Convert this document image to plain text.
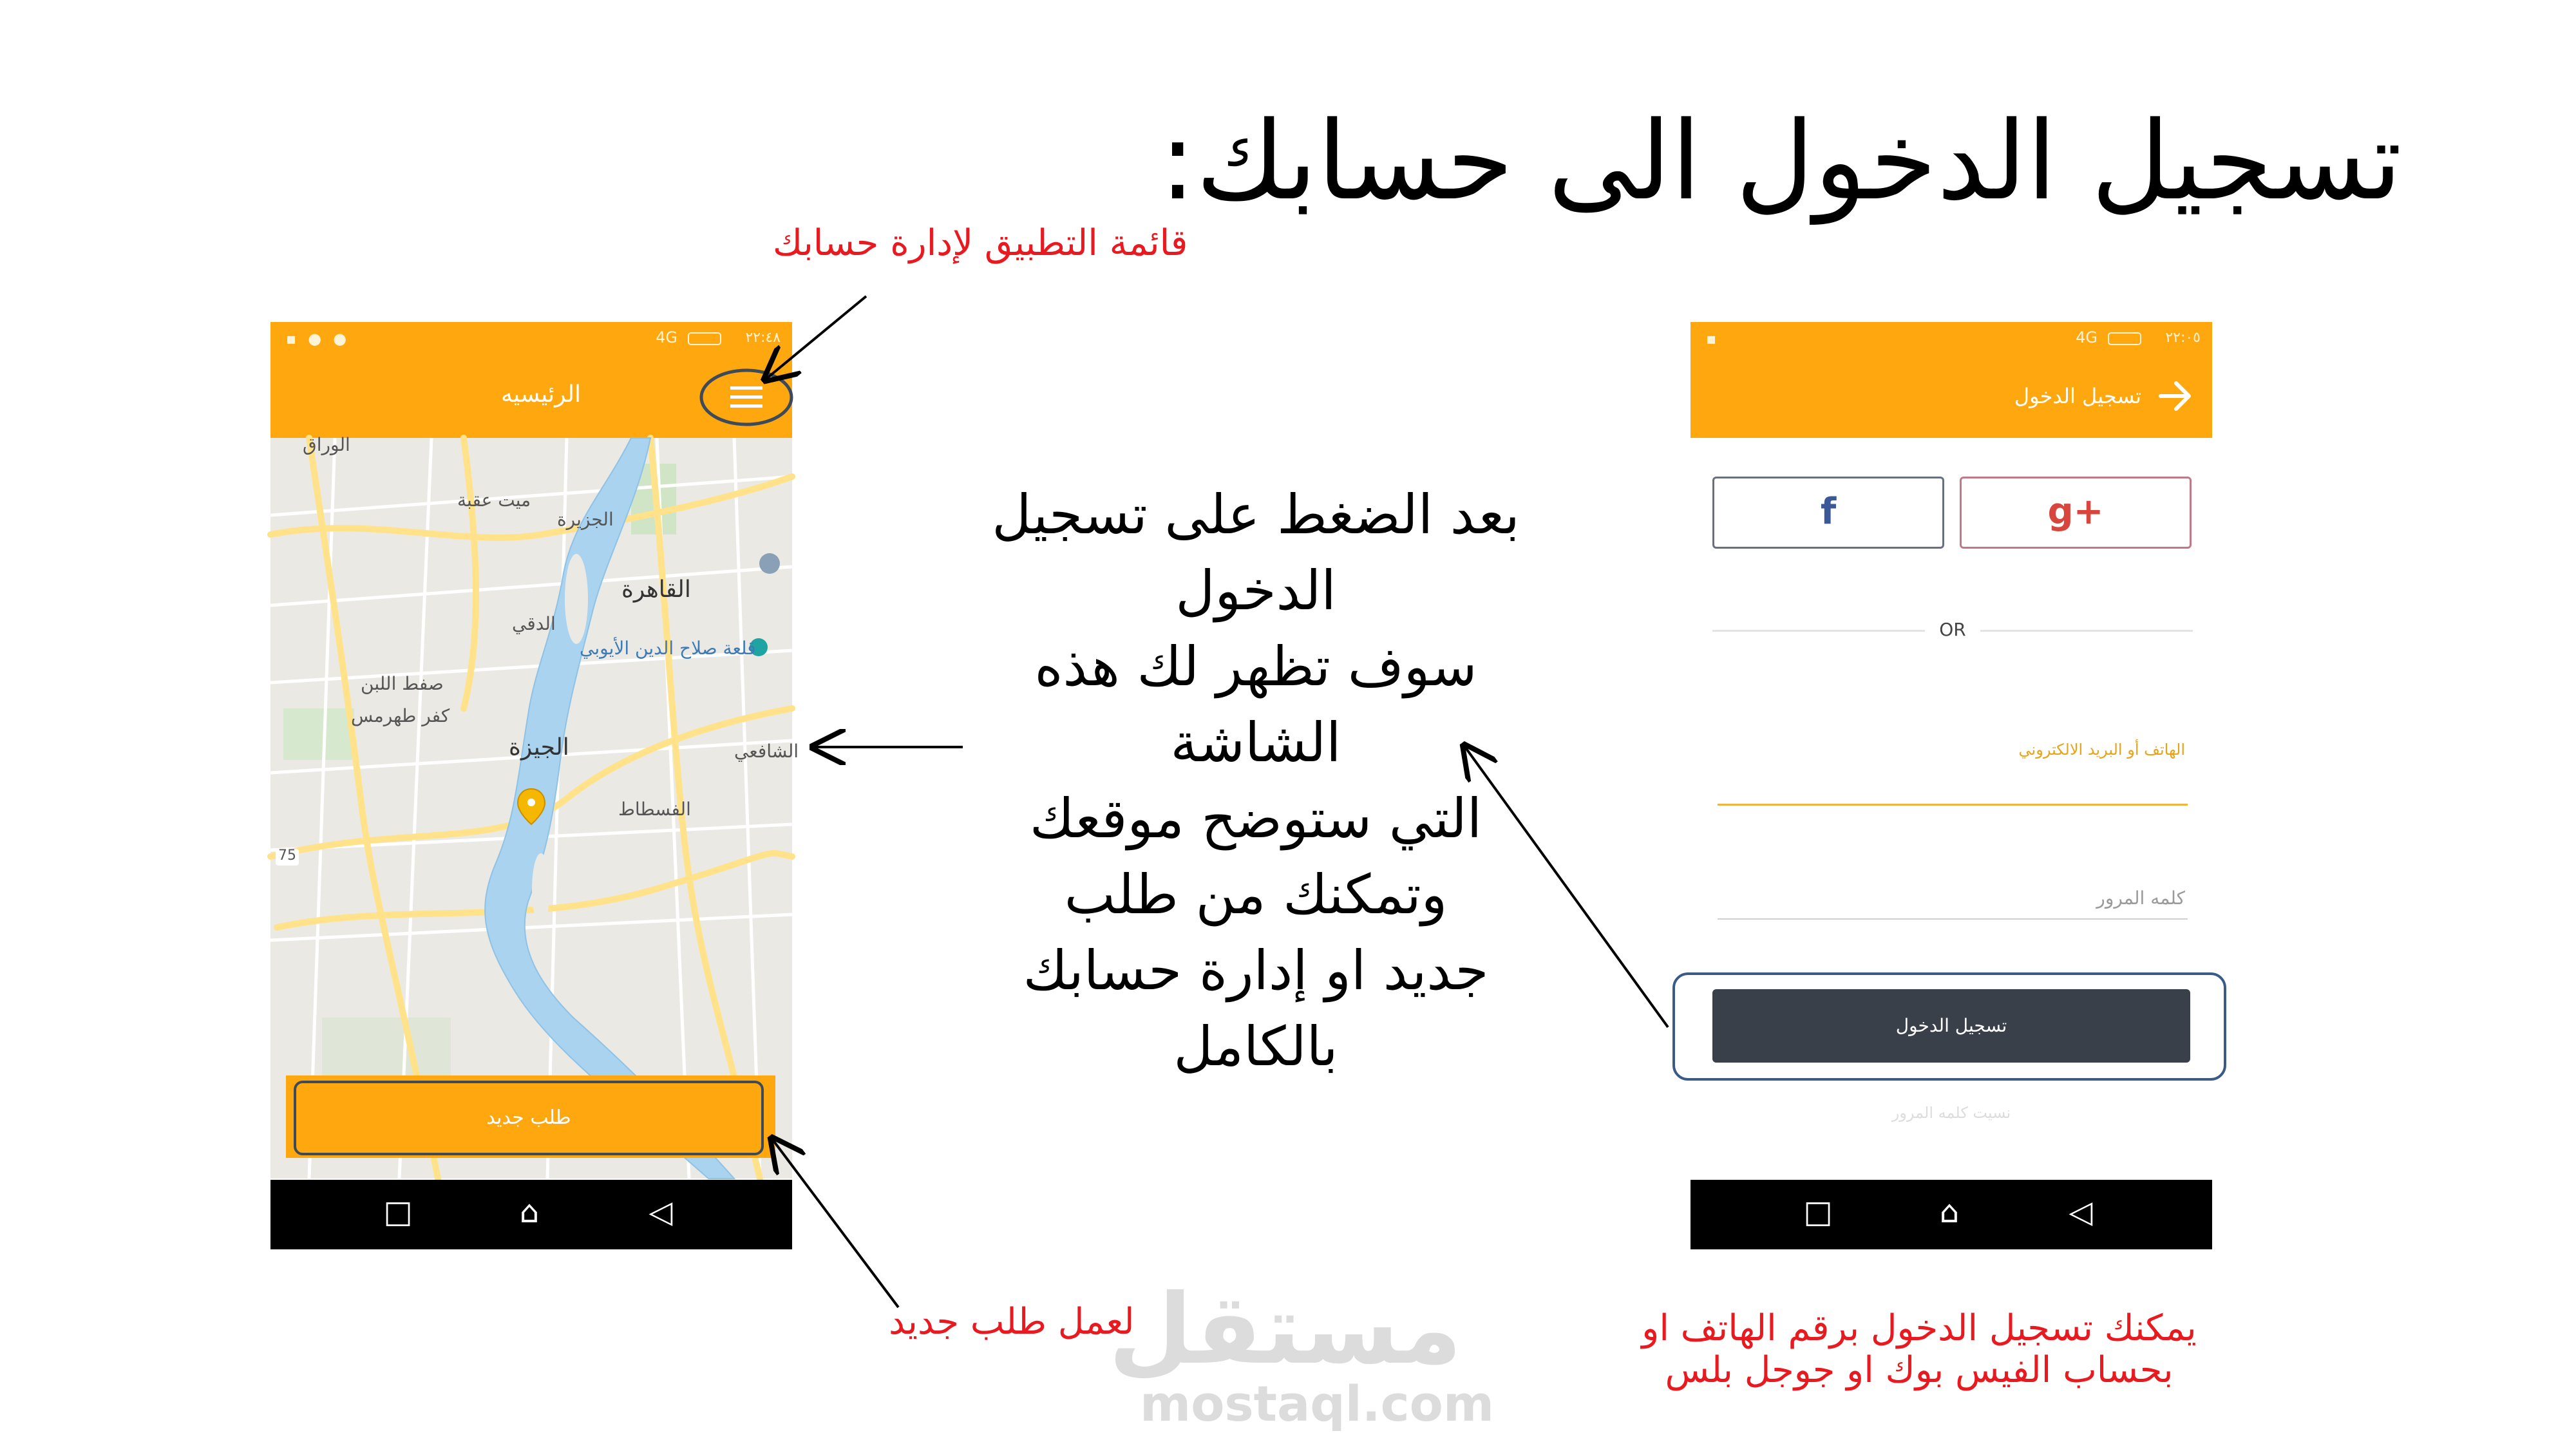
تسجيل الدخول الى حسابك:
قائمة التطبيق لإدارة حسابك
بعد الضغط على تسجيل
الدخول
سوف تظهر لك هذه
الشاشة
التي ستوضح موقعك
وتمكنك من طلب
جديد او إدارة حسابك
بالكامل
▪●●	٢٢:٤٨
4G
الرئيسيه
الوراق
ميت عقبة
الجزيرة
القاهرة
الدقي
قلعة صلاح الدين الأيوبي
صفط اللبن
كفر طهرمس
الجيزة	الشافعي
الفسطاط
75
طلب جديد
□	⌂	◁
▪	٢٢:٠٥
4G
تسجيل الدخول
f	g+
OR
الهاتف أو البريد الالكتروني
كلمه المرور
تسجيل الدخول
نسيت كلمه المرور
□	⌂	◁
لعمل طلب جديد	يمكنك تسجيل الدخول برقم الهاتف او
بحساب الفيس بوك او جوجل بلس
مستقل
mostaql.com
